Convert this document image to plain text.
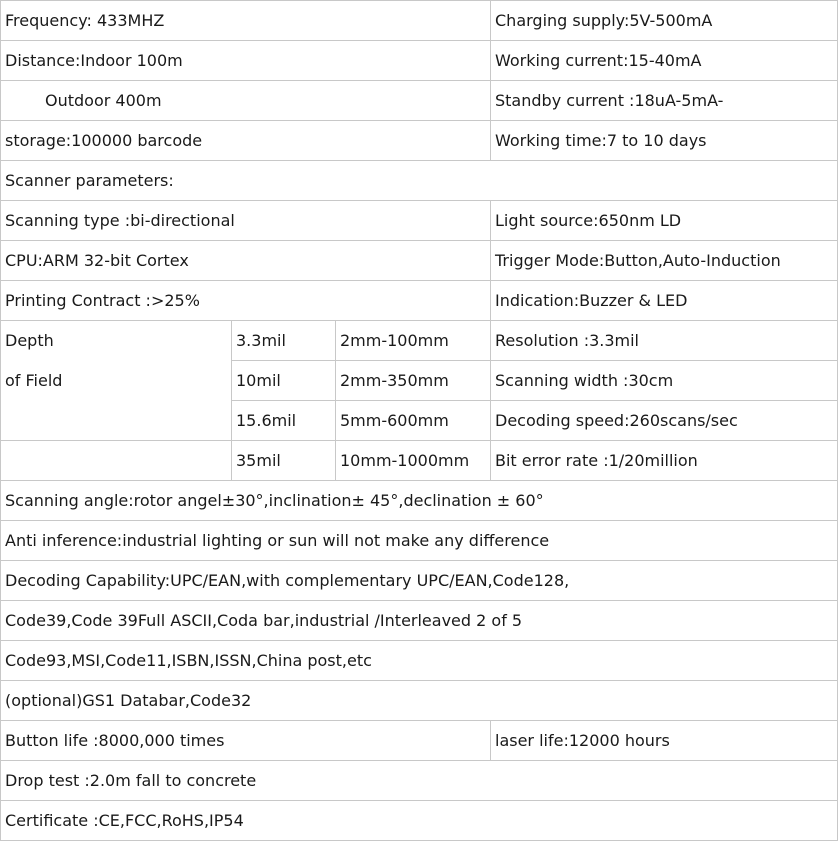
Frequency: 433MHZ	Charging supply:5V-500mA
Distance:Indoor 100m	Working current:15-40mA
Outdoor 400m	Standby current :18uA-5mA-
storage:100000 barcode	Working time:7 to 10 days
Scanner parameters:
Scanning type :bi-directional	Light source:650nm LD
CPU:ARM 32-bit Cortex	Trigger Mode:Button,Auto-Induction
Printing Contract :>25%	Indication:Buzzer & LED
Depth
of Field
3.3mil	2mm-100mm	Resolution :3.3mil
10mil	2mm-350mm	Scanning width :30cm
15.6mil	5mm-600mm	Decoding speed:260scans/sec
35mil	10mm-1000mm	Bit error rate :1/20million
Scanning angle:rotor angel±30°,inclination± 45°,declination ± 60°
Anti inference:industrial lighting or sun will not make any difference
Decoding Capability:UPC/EAN,with complementary UPC/EAN,Code128,
Code39,Code 39Full ASCII,Coda bar,industrial /Interleaved 2 of 5
Code93,MSI,Code11,ISBN,ISSN,China post,etc
(optional)GS1 Databar,Code32
Button life :8000,000 times	laser life:12000 hours
Drop test :2.0m fall to concrete
Certificate :CE,FCC,RoHS,IP54
